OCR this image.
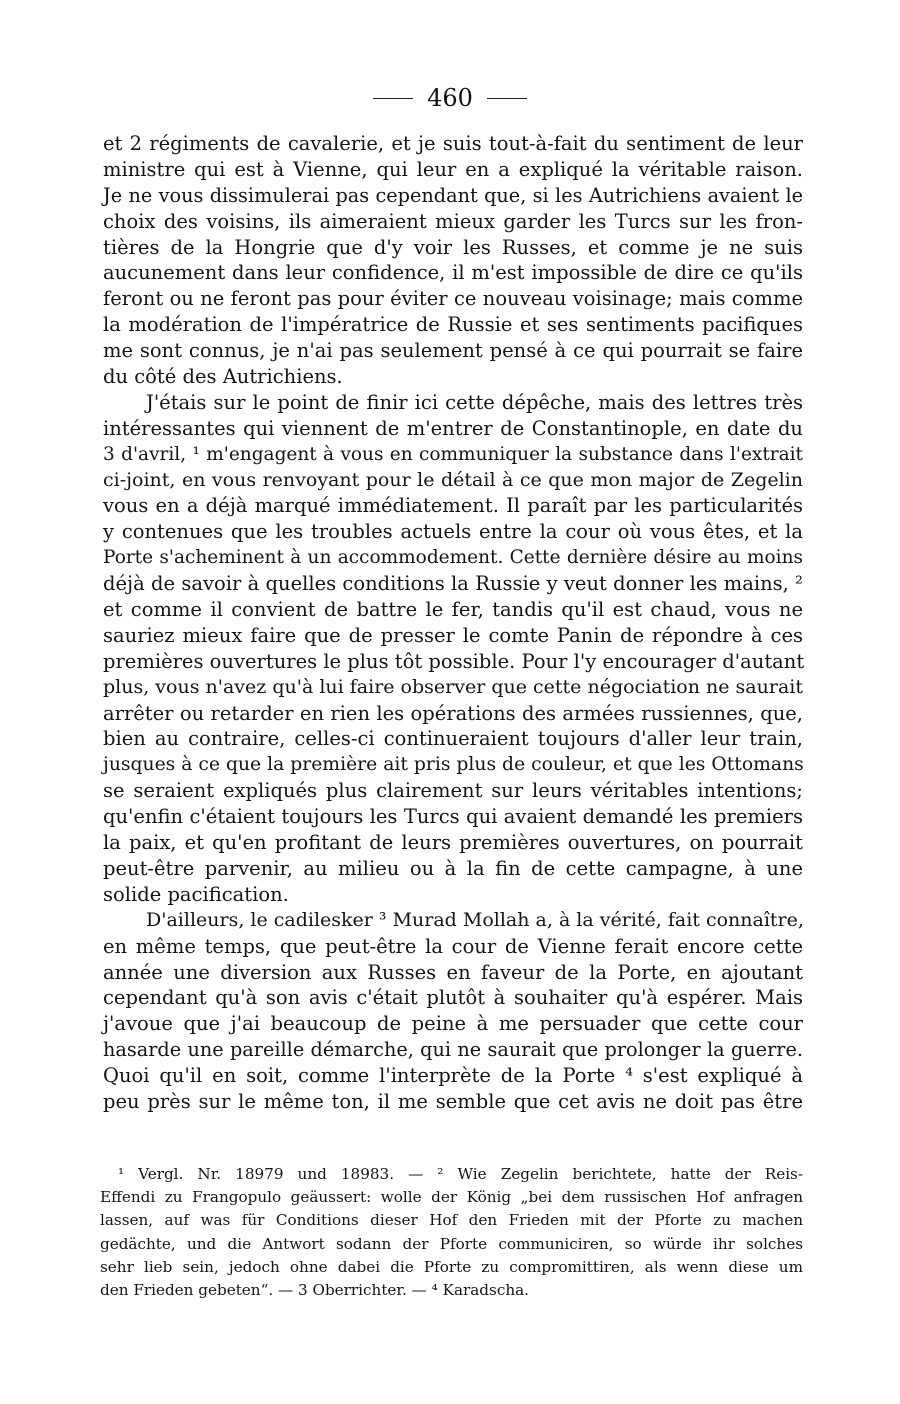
460
et 2 régiments de cavalerie, et je suis tout-à-fait du sentiment de leur
ministre qui est à Vienne, qui leur en a expliqué la véritable raison.
Je ne vous dissimulerai pas cependant que, si les Autrichiens avaient le
choix des voisins, ils aimeraient mieux garder les Turcs sur les fron-
tières de la Hongrie que d'y voir les Russes, et comme je ne suis
aucunement dans leur confidence, il m'est impossible de dire ce qu'ils
feront ou ne feront pas pour éviter ce nouveau voisinage; mais comme
la modération de l'impératrice de Russie et ses sentiments pacifiques
me sont connus, je n'ai pas seulement pensé à ce qui pourrait se faire
du côté des Autrichiens.
J'étais sur le point de finir ici cette dépêche, mais des lettres très
intéressantes qui viennent de m'entrer de Constantinople, en date du
3 d'avril, ¹ m'engagent à vous en communiquer la substance dans l'extrait
ci-joint, en vous renvoyant pour le détail à ce que mon major de Zegelin
vous en a déjà marqué immédiatement. Il paraît par les particularités
y contenues que les troubles actuels entre la cour où vous êtes, et la
Porte s'acheminent à un accommodement. Cette dernière désire au moins
déjà de savoir à quelles conditions la Russie y veut donner les mains, ²
et comme il convient de battre le fer, tandis qu'il est chaud, vous ne
sauriez mieux faire que de presser le comte Panin de répondre à ces
premières ouvertures le plus tôt possible. Pour l'y encourager d'autant
plus, vous n'avez qu'à lui faire observer que cette négociation ne saurait
arrêter ou retarder en rien les opérations des armées russiennes, que,
bien au contraire, celles-ci continueraient toujours d'aller leur train,
jusques à ce que la première ait pris plus de couleur, et que les Ottomans
se seraient expliqués plus clairement sur leurs véritables intentions;
qu'enfin c'étaient toujours les Turcs qui avaient demandé les premiers
la paix, et qu'en profitant de leurs premières ouvertures, on pourrait
peut-être parvenir, au milieu ou à la fin de cette campagne, à une
solide pacification.
D'ailleurs, le cadilesker ³ Murad Mollah a, à la vérité, fait connaître,
en même temps, que peut-être la cour de Vienne ferait encore cette
année une diversion aux Russes en faveur de la Porte, en ajoutant
cependant qu'à son avis c'était plutôt à souhaiter qu'à espérer. Mais
j'avoue que j'ai beaucoup de peine à me persuader que cette cour
hasarde une pareille démarche, qui ne saurait que prolonger la guerre.
Quoi qu'il en soit, comme l'interprète de la Porte ⁴ s'est expliqué à
peu près sur le même ton, il me semble que cet avis ne doit pas être
¹ Vergl. Nr. 18979 und 18983. — ² Wie Zegelin berichtete, hatte der Reis-
Effendi zu Frangopulo geäussert: wolle der König „bei dem russischen Hof anfragen
lassen, auf was für Conditions dieser Hof den Frieden mit der Pforte zu machen
gedächte, und die Antwort sodann der Pforte communiciren, so würde ihr solches
sehr lieb sein, jedoch ohne dabei die Pforte zu compromittiren, als wenn diese um
den Frieden gebeten“. — 3 Oberrichter. — ⁴ Karadscha.
